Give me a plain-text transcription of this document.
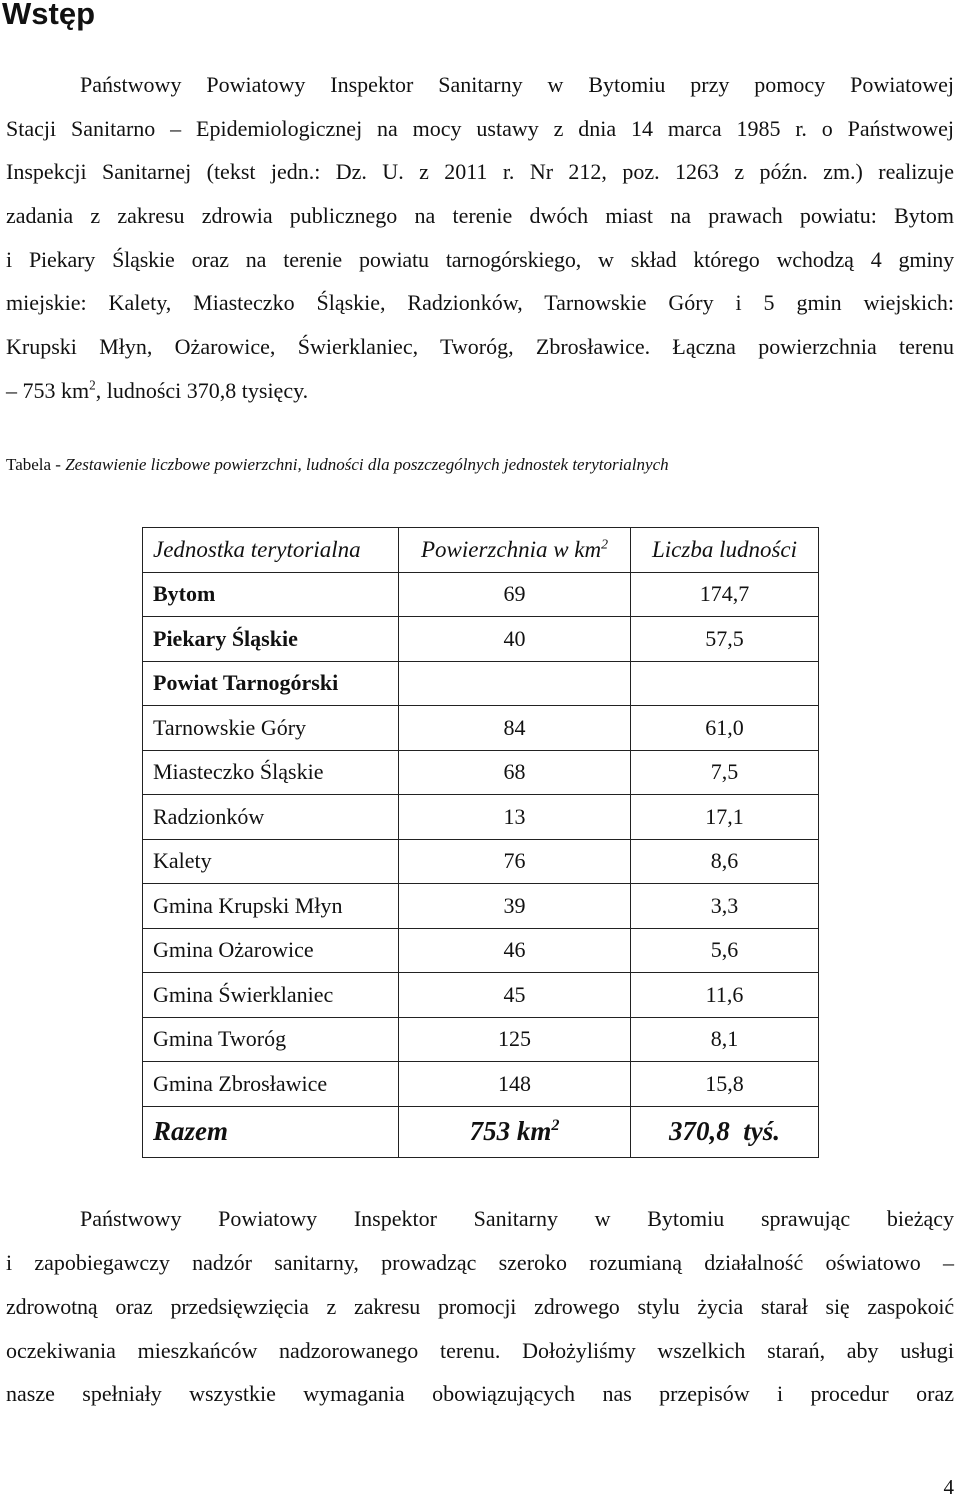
Wstęp
Państwowy Powiatowy Inspektor Sanitarny w Bytomiu przy pomocy Powiatowej
Stacji Sanitarno – Epidemiologicznej na mocy ustawy z dnia 14 marca 1985 r. o Państwowej
Inspekcji Sanitarnej (tekst jedn.: Dz. U. z 2011 r. Nr 212, poz. 1263 z późn. zm.) realizuje
zadania z zakresu zdrowia publicznego na terenie dwóch miast na prawach powiatu: Bytom
i Piekary Śląskie oraz na terenie powiatu tarnogórskiego, w skład którego wchodzą 4 gminy
miejskie: Kalety, Miasteczko Śląskie, Radzionków, Tarnowskie Góry i 5 gmin wiejskich:
Krupski Młyn, Ożarowice, Świerklaniec, Tworóg, Zbrosławice. Łączna powierzchnia terenu
– 753 $km^2$, ludności 370,8 tysięcy.
Tabela - Zestawienie liczbowe powierzchni, ludności dla poszczególnych jednostek terytorialnych
Jednostka terytorialna	Powierzchnia w $km^2$	Liczba ludności
Bytom	69	174,7
Piekary Śląskie	40	57,5
Powiat Tarnogórski		
Tarnowskie Góry	84	61,0
Miasteczko Śląskie	68	7,5
Radzionków	13	17,1
Kalety	76	8,6
Gmina Krupski Młyn	39	3,3
Gmina Ożarowice	46	5,6
Gmina Świerklaniec	45	11,6
Gmina Tworóg	125	8,1
Gmina Zbrosławice	148	15,8
Razem	753 $km^2$	370,8  tyś.
Państwowy Powiatowy Inspektor Sanitarny w Bytomiu sprawując bieżący
i zapobiegawczy nadzór sanitarny, prowadząc szeroko rozumianą działalność oświatowo –
zdrowotną oraz przedsięwzięcia z zakresu promocji zdrowego stylu życia starał się zaspokoić
oczekiwania mieszkańców nadzorowanego terenu. Dołożyliśmy wszelkich starań, aby usługi
nasze spełniały wszystkie wymagania obowiązujących nas przepisów i procedur oraz
4
